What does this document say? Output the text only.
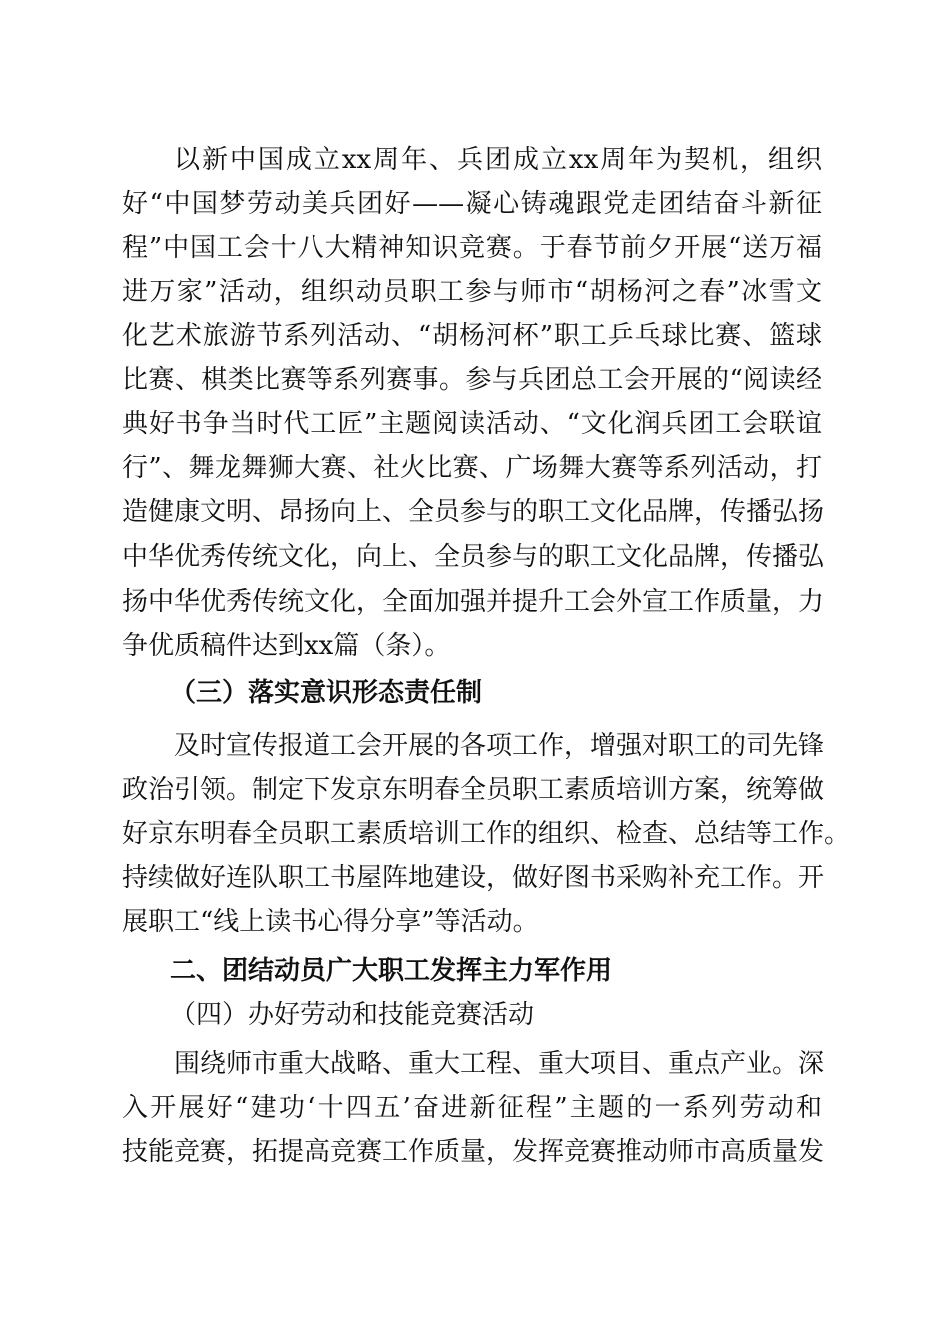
以新中国成立xx周年、兵团成立xx周年为契机，组织
好“中国梦劳动美兵团好——凝心铸魂跟党走团结奋斗新征
程”中国工会十八大精神知识竞赛。于春节前夕开展“送万福
进万家”活动，组织动员职工参与师市“胡杨河之春”冰雪文
化艺术旅游节系列活动、“胡杨河杯”职工乒乓球比赛、篮球
比赛、棋类比赛等系列赛事。参与兵团总工会开展的“阅读经
典好书争当时代工匠”主题阅读活动、“文化润兵团工会联谊
行”、舞龙舞狮大赛、社火比赛、广场舞大赛等系列活动，打
造健康文明、昂扬向上、全员参与的职工文化品牌，传播弘扬
中华优秀传统文化，向上、全员参与的职工文化品牌，传播弘
扬中华优秀传统文化，全面加强并提升工会外宣工作质量，力
争优质稿件达到xx篇（条）。
（三）落实意识形态责任制
及时宣传报道工会开展的各项工作，增强对职工的司先锋
政治引领。制定下发京东明春全员职工素质培训方案，统筹做
好京东明春全员职工素质培训工作的组织、检查、总结等工作。
持续做好连队职工书屋阵地建设，做好图书采购补充工作。开
展职工“线上读书心得分享”等活动。
二、团结动员广大职工发挥主力军作用
（四）办好劳动和技能竞赛活动
围绕师市重大战略、重大工程、重大项目、重点产业。深
入开展好“建功‘十四五’奋进新征程”主题的一系列劳动和
技能竞赛，拓提高竞赛工作质量，发挥竞赛推动师市高质量发
